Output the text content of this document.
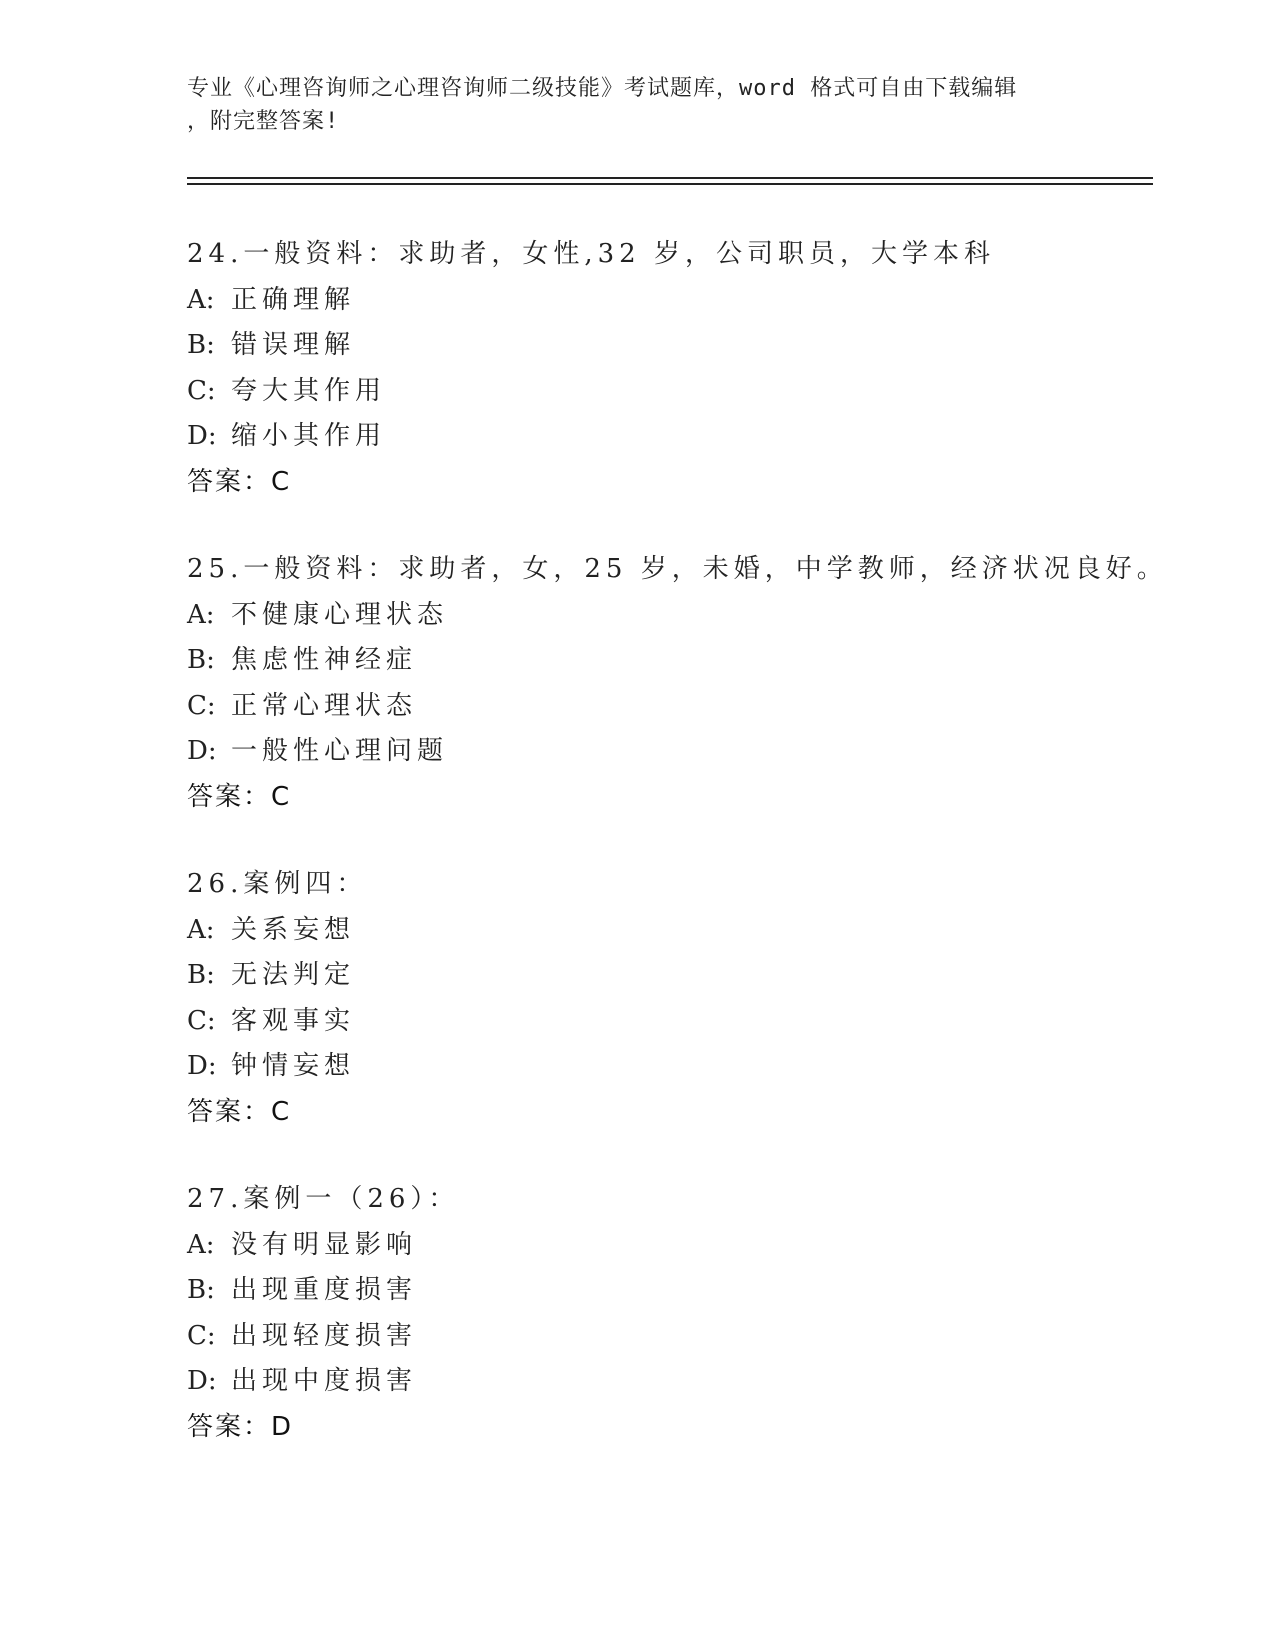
专业《心理咨询师之心理咨询师二级技能》考试题库，word 格式可自由下载编辑
，附完整答案!
24.一般资料：求助者，女性,32 岁，公司职员，大学本科
A: 正确理解
B: 错误理解
C: 夸大其作用
D: 缩小其作用
答案：C
25.一般资料：求助者，女，25 岁，未婚，中学教师，经济状况良好。
A: 不健康心理状态
B: 焦虑性神经症
C: 正常心理状态
D: 一般性心理问题
答案：C
26.案例四：
A: 关系妄想
B: 无法判定
C: 客观事实
D: 钟情妄想
答案：C
27.案例一（26）：
A: 没有明显影响
B: 出现重度损害
C: 出现轻度损害
D: 出现中度损害
答案：D
